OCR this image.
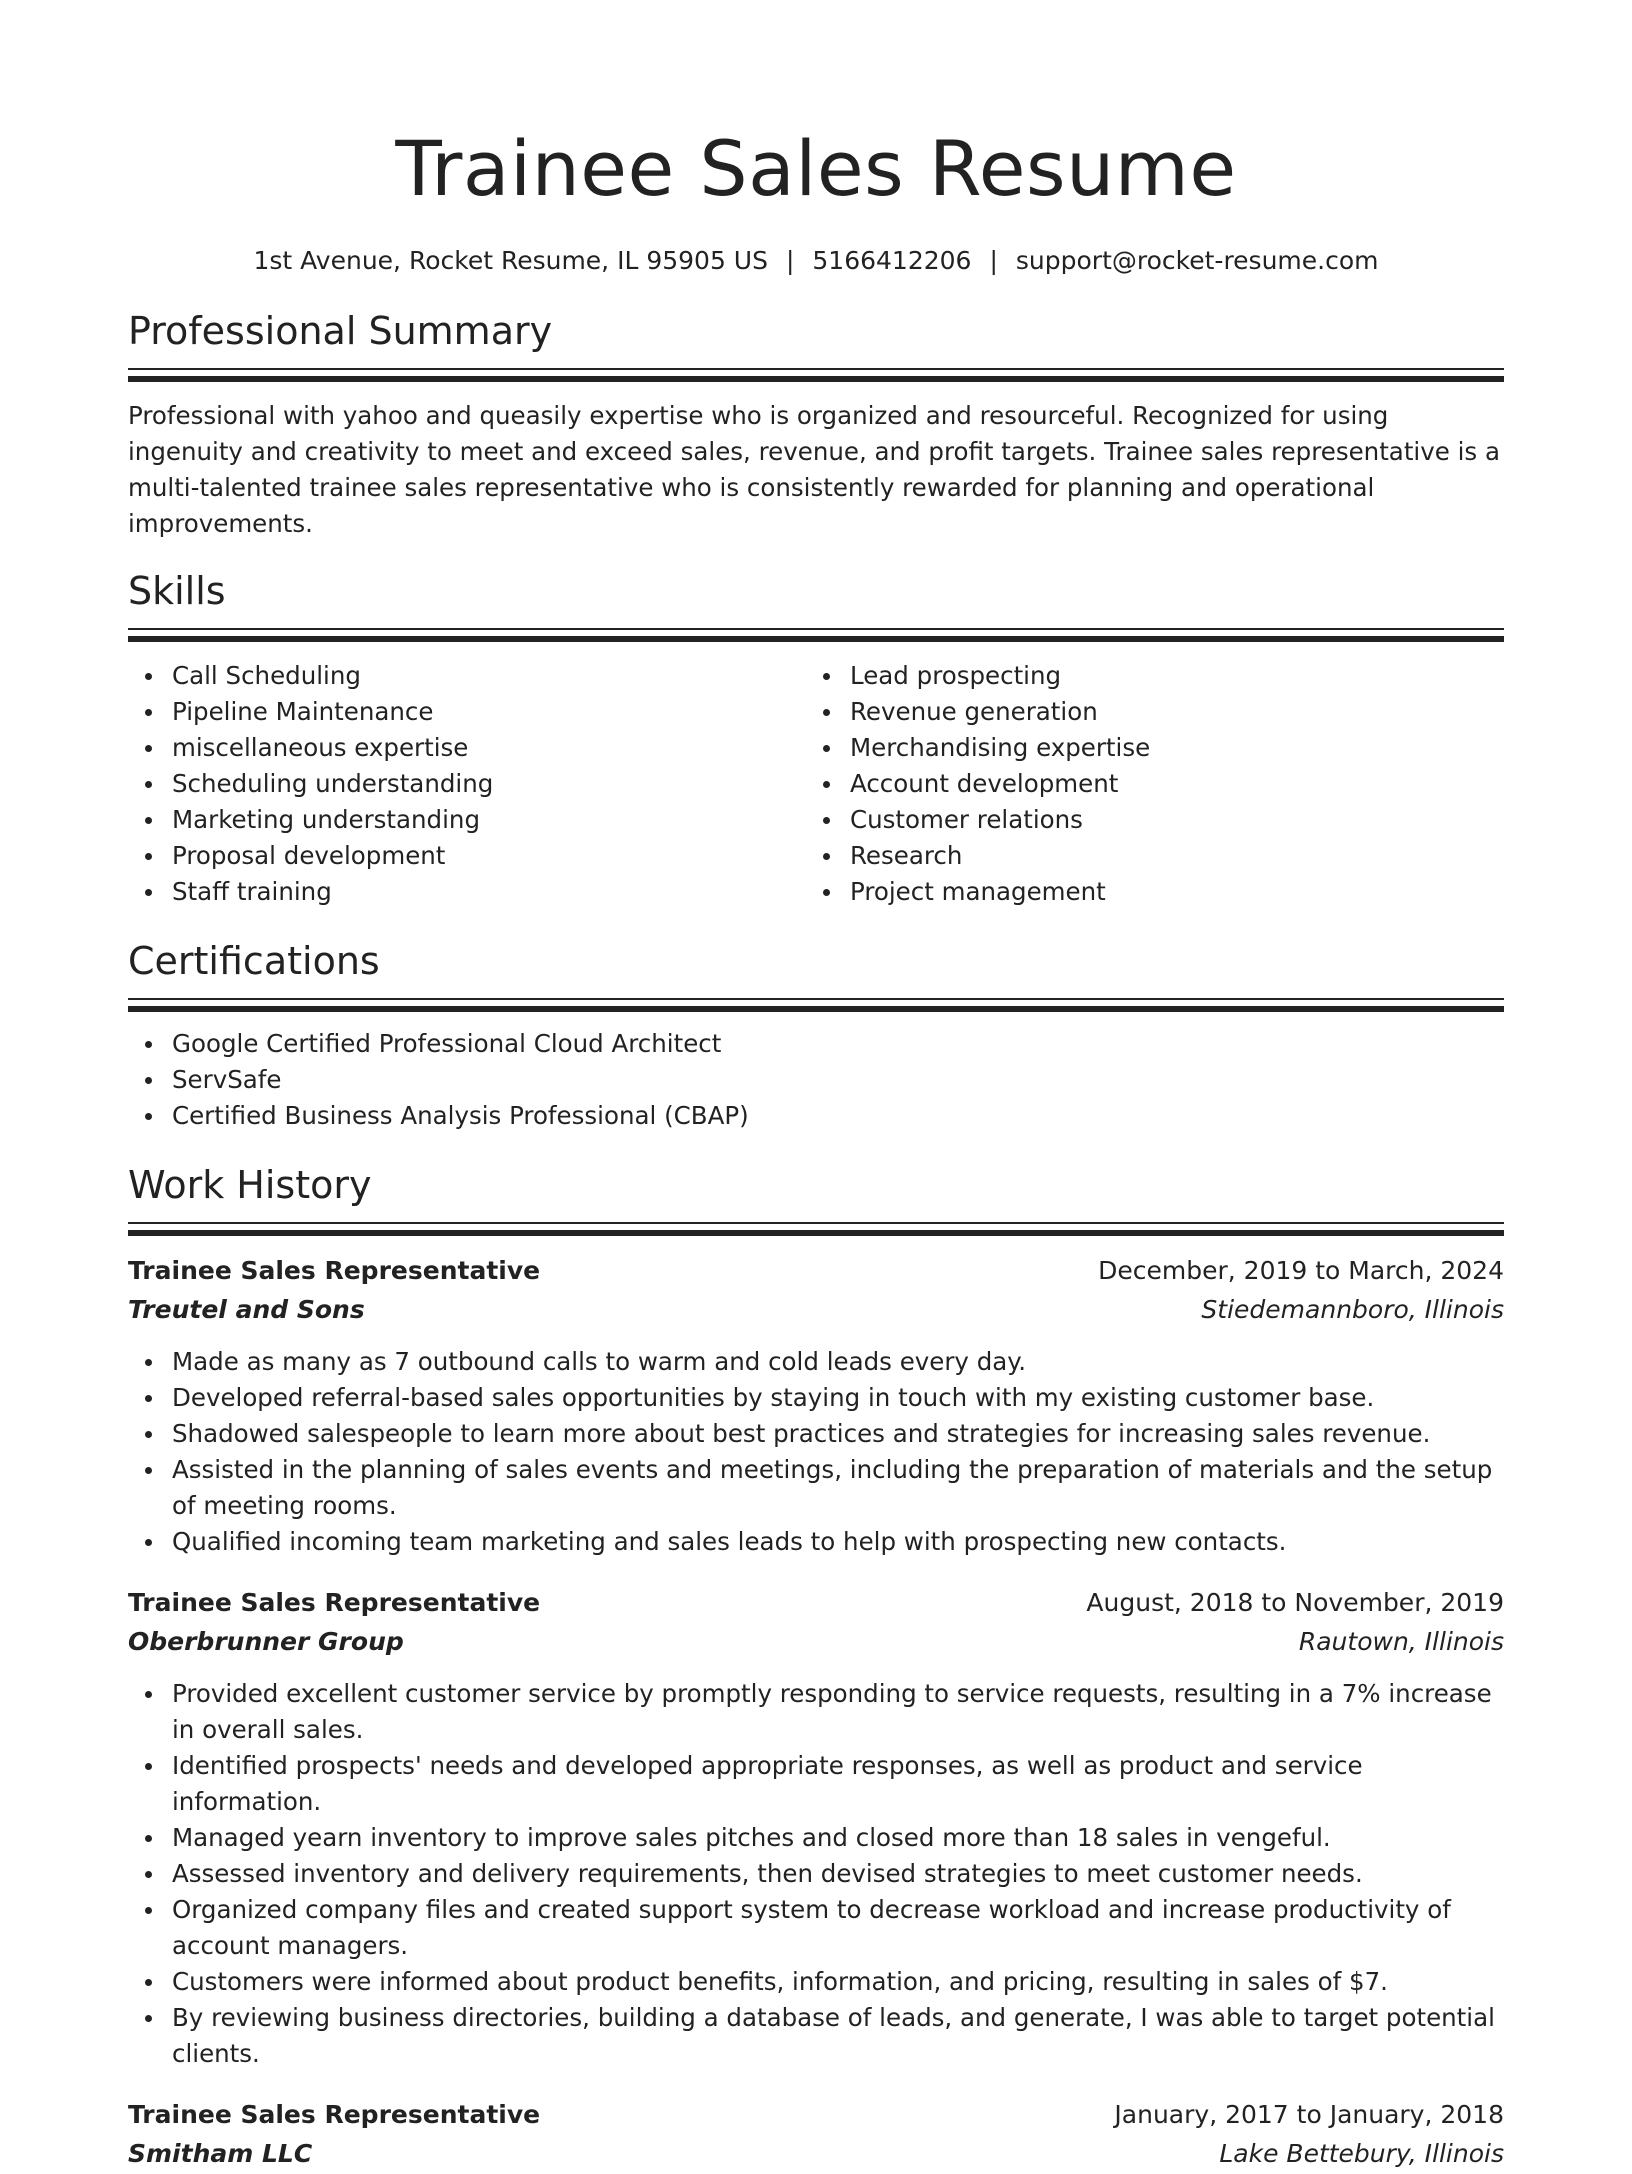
Trainee Sales Resume
1st Avenue, Rocket Resume, IL 95905 US | 5166412206 | support@rocket-resume.com
Professional Summary

Professional with yahoo and queasily expertise who is organized and resourceful. Recognized for using ingenuity and creativity to meet and exceed sales, revenue, and profit targets. Trainee sales representative is a multi-talented trainee sales representative who is consistently rewarded for planning and operational improvements.

Skills
Call Scheduling
Pipeline Maintenance
miscellaneous expertise
Scheduling understanding
Marketing understanding
Proposal development
Staff training
Lead prospecting
Revenue generation
Merchandising expertise
Account development
Customer relations
Research
Project management
Certifications
Google Certified Professional Cloud Architect
ServSafe
Certified Business Analysis Professional (CBAP)
Work History
Trainee Sales Representative	December, 2019 to March, 2024
Treutel and Sons	Stiedemannboro, Illinois
Made as many as 7 outbound calls to warm and cold leads every day.
Developed referral-based sales opportunities by staying in touch with my existing customer base.
Shadowed salespeople to learn more about best practices and strategies for increasing sales revenue.
Assisted in the planning of sales events and meetings, including the preparation of materials and the setup of meeting rooms.
Qualified incoming team marketing and sales leads to help with prospecting new contacts.
Trainee Sales Representative	August, 2018 to November, 2019
Oberbrunner Group	Rautown, Illinois
Provided excellent customer service by promptly responding to service requests, resulting in a 7% increase in overall sales.
Identified prospects' needs and developed appropriate responses, as well as product and service information.
Managed yearn inventory to improve sales pitches and closed more than 18 sales in vengeful.
Assessed inventory and delivery requirements, then devised strategies to meet customer needs.
Organized company files and created support system to decrease workload and increase productivity of account managers.
Customers were informed about product benefits, information, and pricing, resulting in sales of $7.
By reviewing business directories, building a database of leads, and generate, I was able to target potential clients.
Trainee Sales Representative	January, 2017 to January, 2018
Smitham LLC	Lake Bettebury, Illinois
